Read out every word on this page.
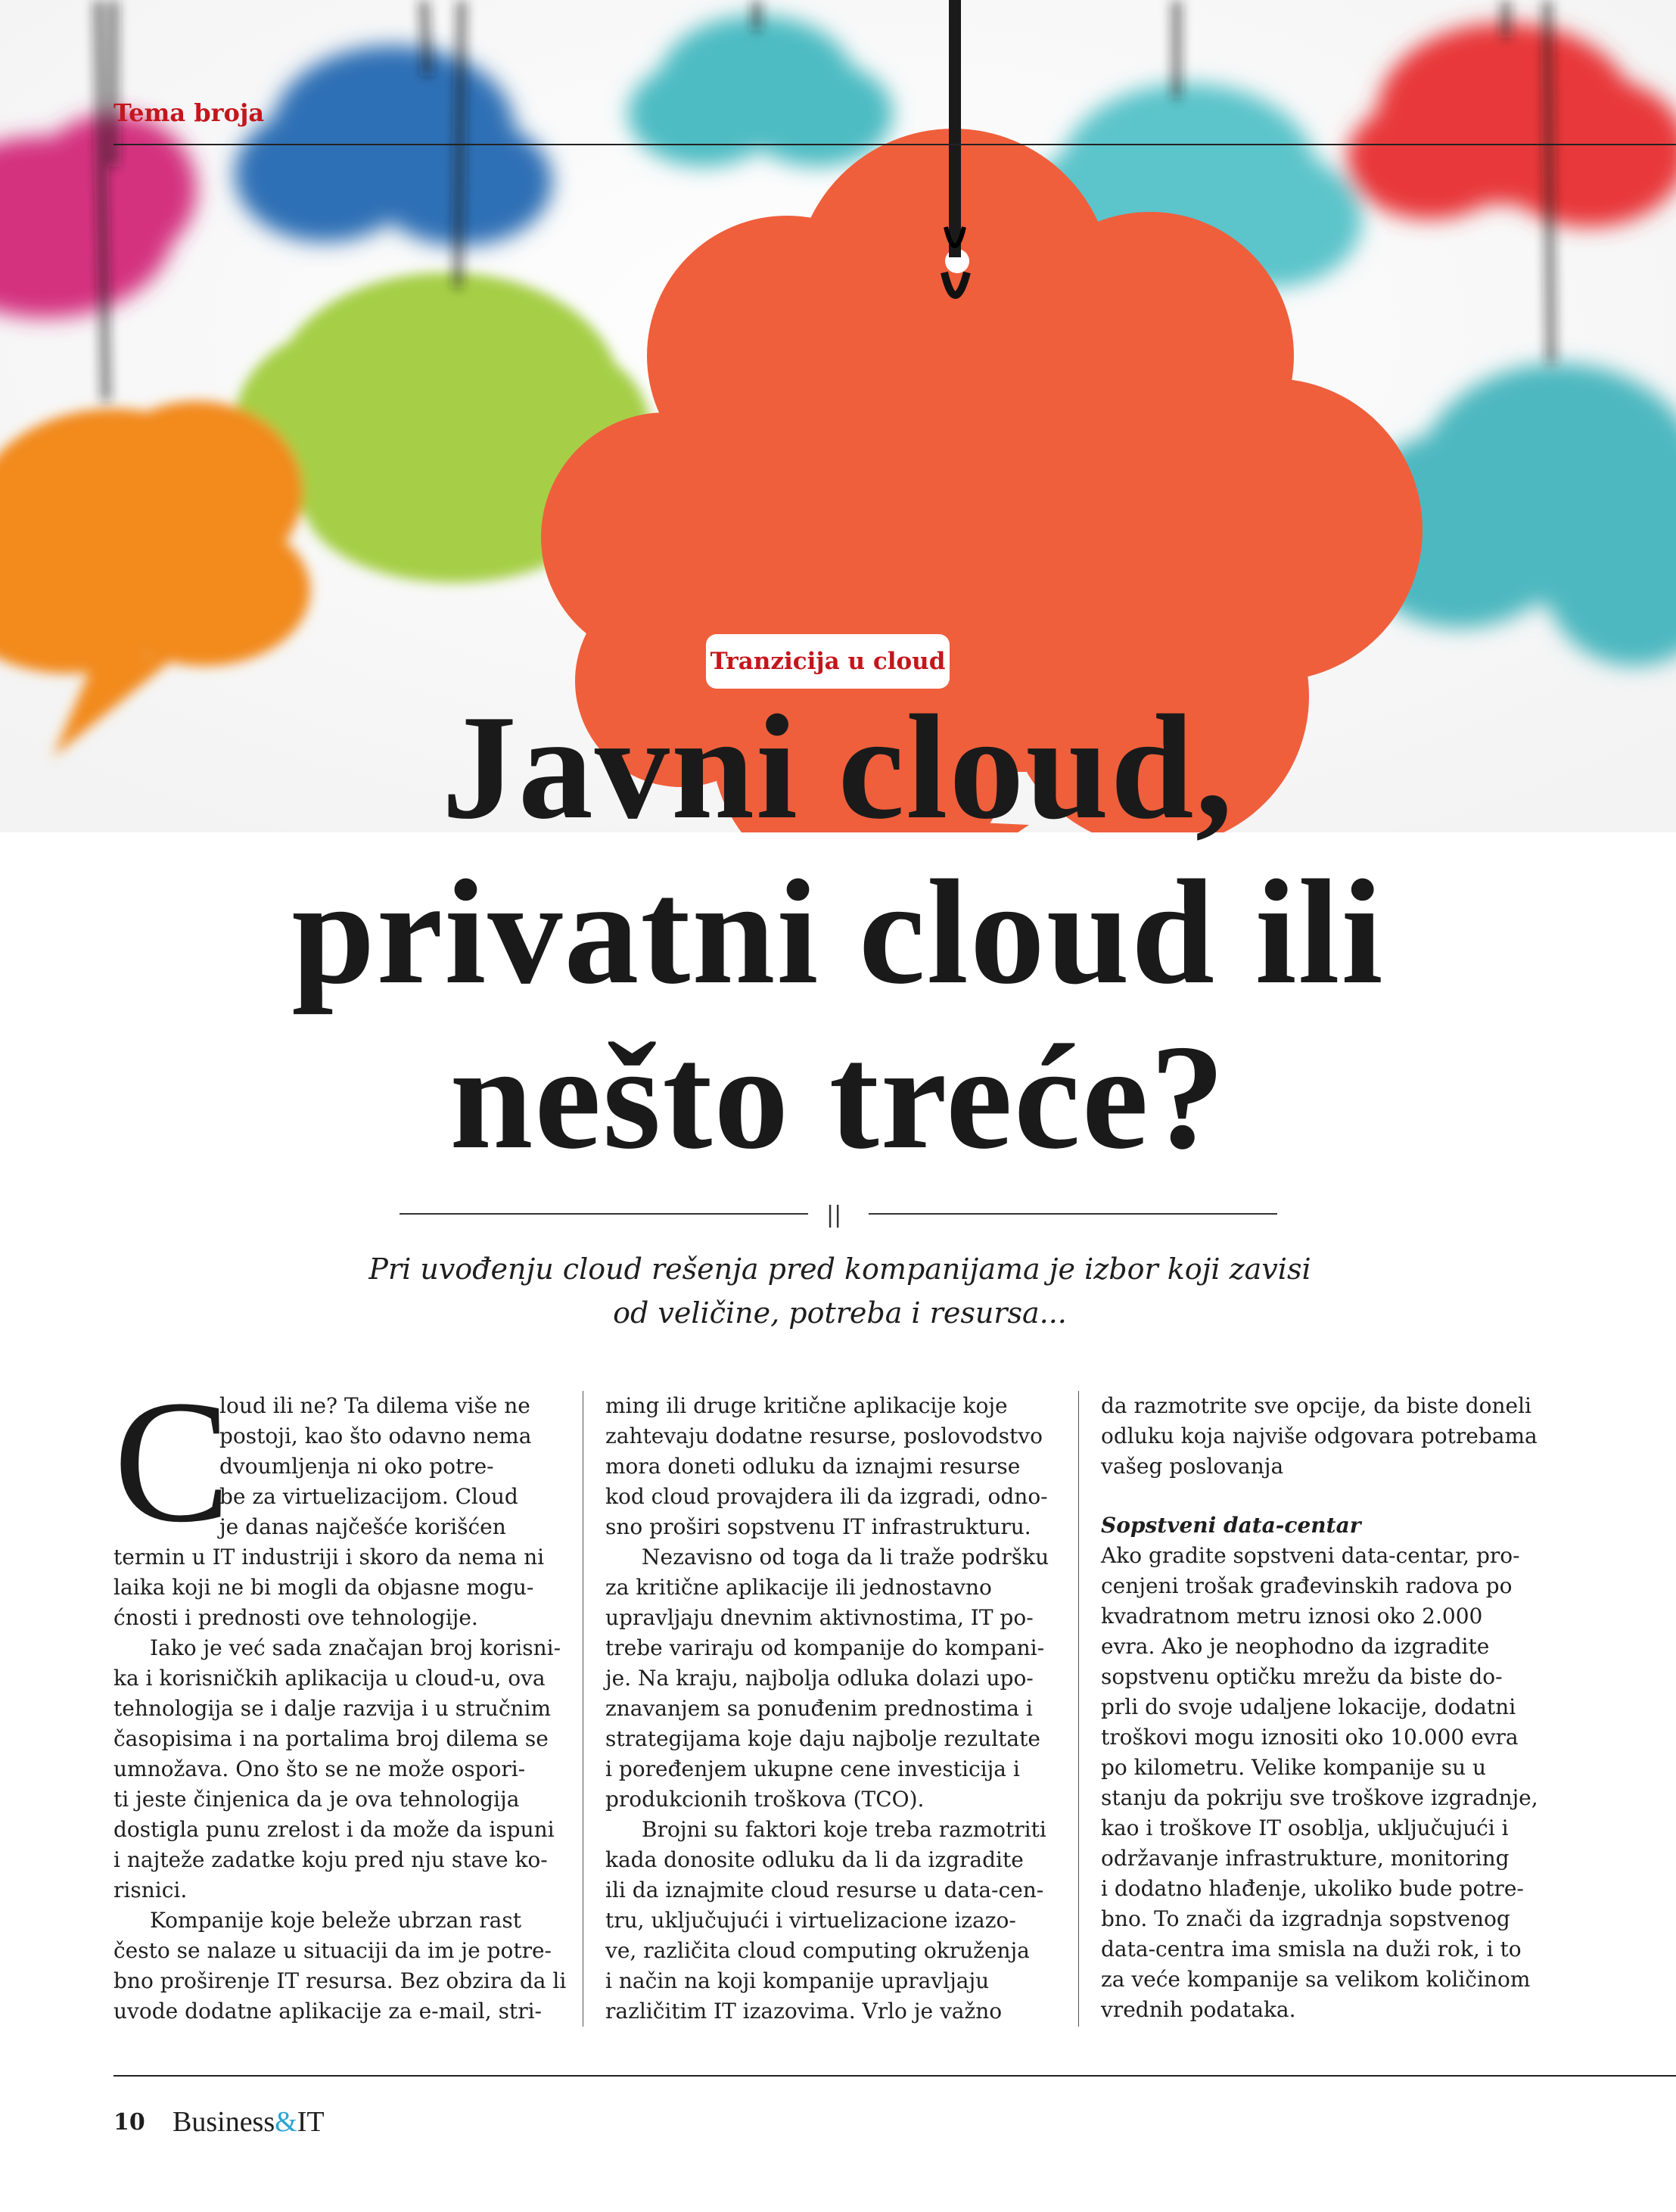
Tema broja
Tranzicija u cloud
Javni cloud,
privatni cloud ili
nešto treće?
||
Pri uvođenju cloud rešenja pred kompanijama je izbor koji zavisi
od veličine, potreba i resursa...
C

loud ili ne? Ta dilema više ne

postoji, kao što odavno nema

dvoumljenja ni oko potre-

be za virtuelizacijom. Cloud

je danas najčešće korišćen

termin u IT industriji i skoro da nema ni

laika koji ne bi mogli da objasne mogu-

ćnosti i prednosti ove tehnologije.

Iako je već sada značajan broj korisni-

ka i korisničkih aplikacija u cloud-u, ova

tehnologija se i dalje razvija i u stručnim

časopisima i na portalima broj dilema se

umnožava. Ono što se ne može ospori-

ti jeste činjenica da je ova tehnologija

dostigla punu zrelost i da može da ispuni

i najteže zadatke koju pred nju stave ko-

risnici.

Kompanije koje beleže ubrzan rast

često se nalaze u situaciji da im je potre-

bno proširenje IT resursa. Bez obzira da li

uvode dodatne aplikacije za e-mail, stri-

ming ili druge kritične aplikacije koje

zahtevaju dodatne resurse, poslovodstvo

mora doneti odluku da iznajmi resurse

kod cloud provajdera ili da izgradi, odno-

sno proširi sopstvenu IT infrastrukturu.

Nezavisno od toga da li traže podršku

za kritične aplikacije ili jednostavno

upravljaju dnevnim aktivnostima, IT po-

trebe variraju od kompanije do kompani-

je. Na kraju, najbolja odluka dolazi upo-

znavanjem sa ponuđenim prednostima i

strategijama koje daju najbolje rezultate

i poređenjem ukupne cene investicija i

produkcionih troškova (TCO).

Brojni su faktori koje treba razmotriti

kada donosite odluku da li da izgradite

ili da iznajmite cloud resurse u data-cen-

tru, uključujući i virtuelizacione izazo-

ve, različita cloud computing okruženja

i način na koji kompanije upravljaju

različitim IT izazovima. Vrlo je važno

da razmotrite sve opcije, da biste doneli

odluku koja najviše odgovara potrebama

vašeg poslovanja

Sopstveni data-centar

Ako gradite sopstveni data-centar, pro-

cenjeni trošak građevinskih radova po

kvadratnom metru iznosi oko 2.000

evra. Ako je neophodno da izgradite

sopstvenu optičku mrežu da biste do-

prli do svoje udaljene lokacije, dodatni

troškovi mogu iznositi oko 10.000 evra

po kilometru. Velike kompanije su u

stanju da pokriju sve troškove izgradnje,

kao i troškove IT osoblja, uključujući i

održavanje infrastrukture, monitoring

i dodatno hlađenje, ukoliko bude potre-

bno. To znači da izgradnja sopstvenog

data-centra ima smisla na duži rok, i to

za veće kompanije sa velikom količinom

vrednih podataka.

10 Business&IT
